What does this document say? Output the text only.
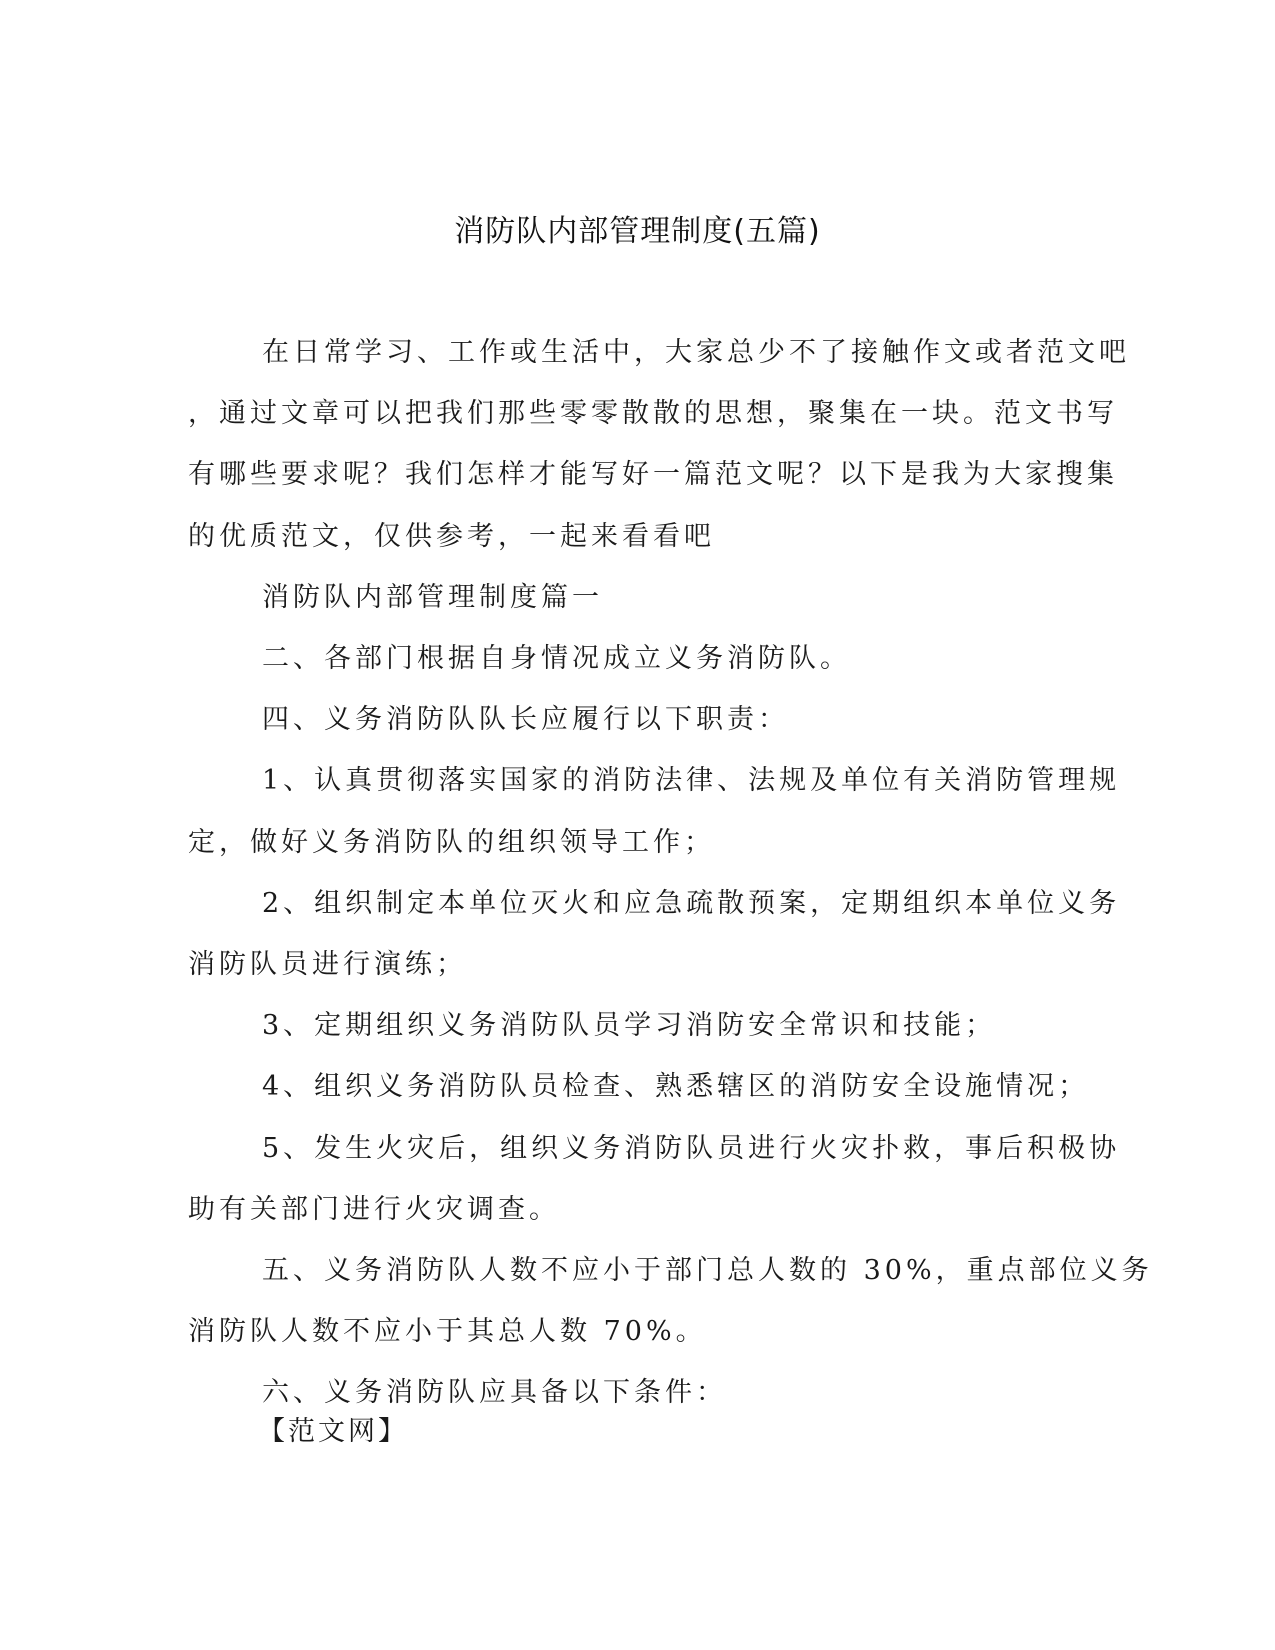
消防队内部管理制度(五篇)
在日常学习、工作或生活中，大家总少不了接触作文或者范文吧
，通过文章可以把我们那些零零散散的思想，聚集在一块。范文书写
有哪些要求呢？我们怎样才能写好一篇范文呢？以下是我为大家搜集
的优质范文，仅供参考，一起来看看吧
消防队内部管理制度篇一
二、各部门根据自身情况成立义务消防队。
四、义务消防队队长应履行以下职责：
1、认真贯彻落实国家的消防法律、法规及单位有关消防管理规
定，做好义务消防队的组织领导工作；
2、组织制定本单位灭火和应急疏散预案，定期组织本单位义务
消防队员进行演练；
3、定期组织义务消防队员学习消防安全常识和技能；
4、组织义务消防队员检查、熟悉辖区的消防安全设施情况；
5、发生火灾后，组织义务消防队员进行火灾扑救，事后积极协
助有关部门进行火灾调查。
五、义务消防队人数不应小于部门总人数的 30%，重点部位义务
消防队人数不应小于其总人数 70%。
六、义务消防队应具备以下条件：
【范文网】
